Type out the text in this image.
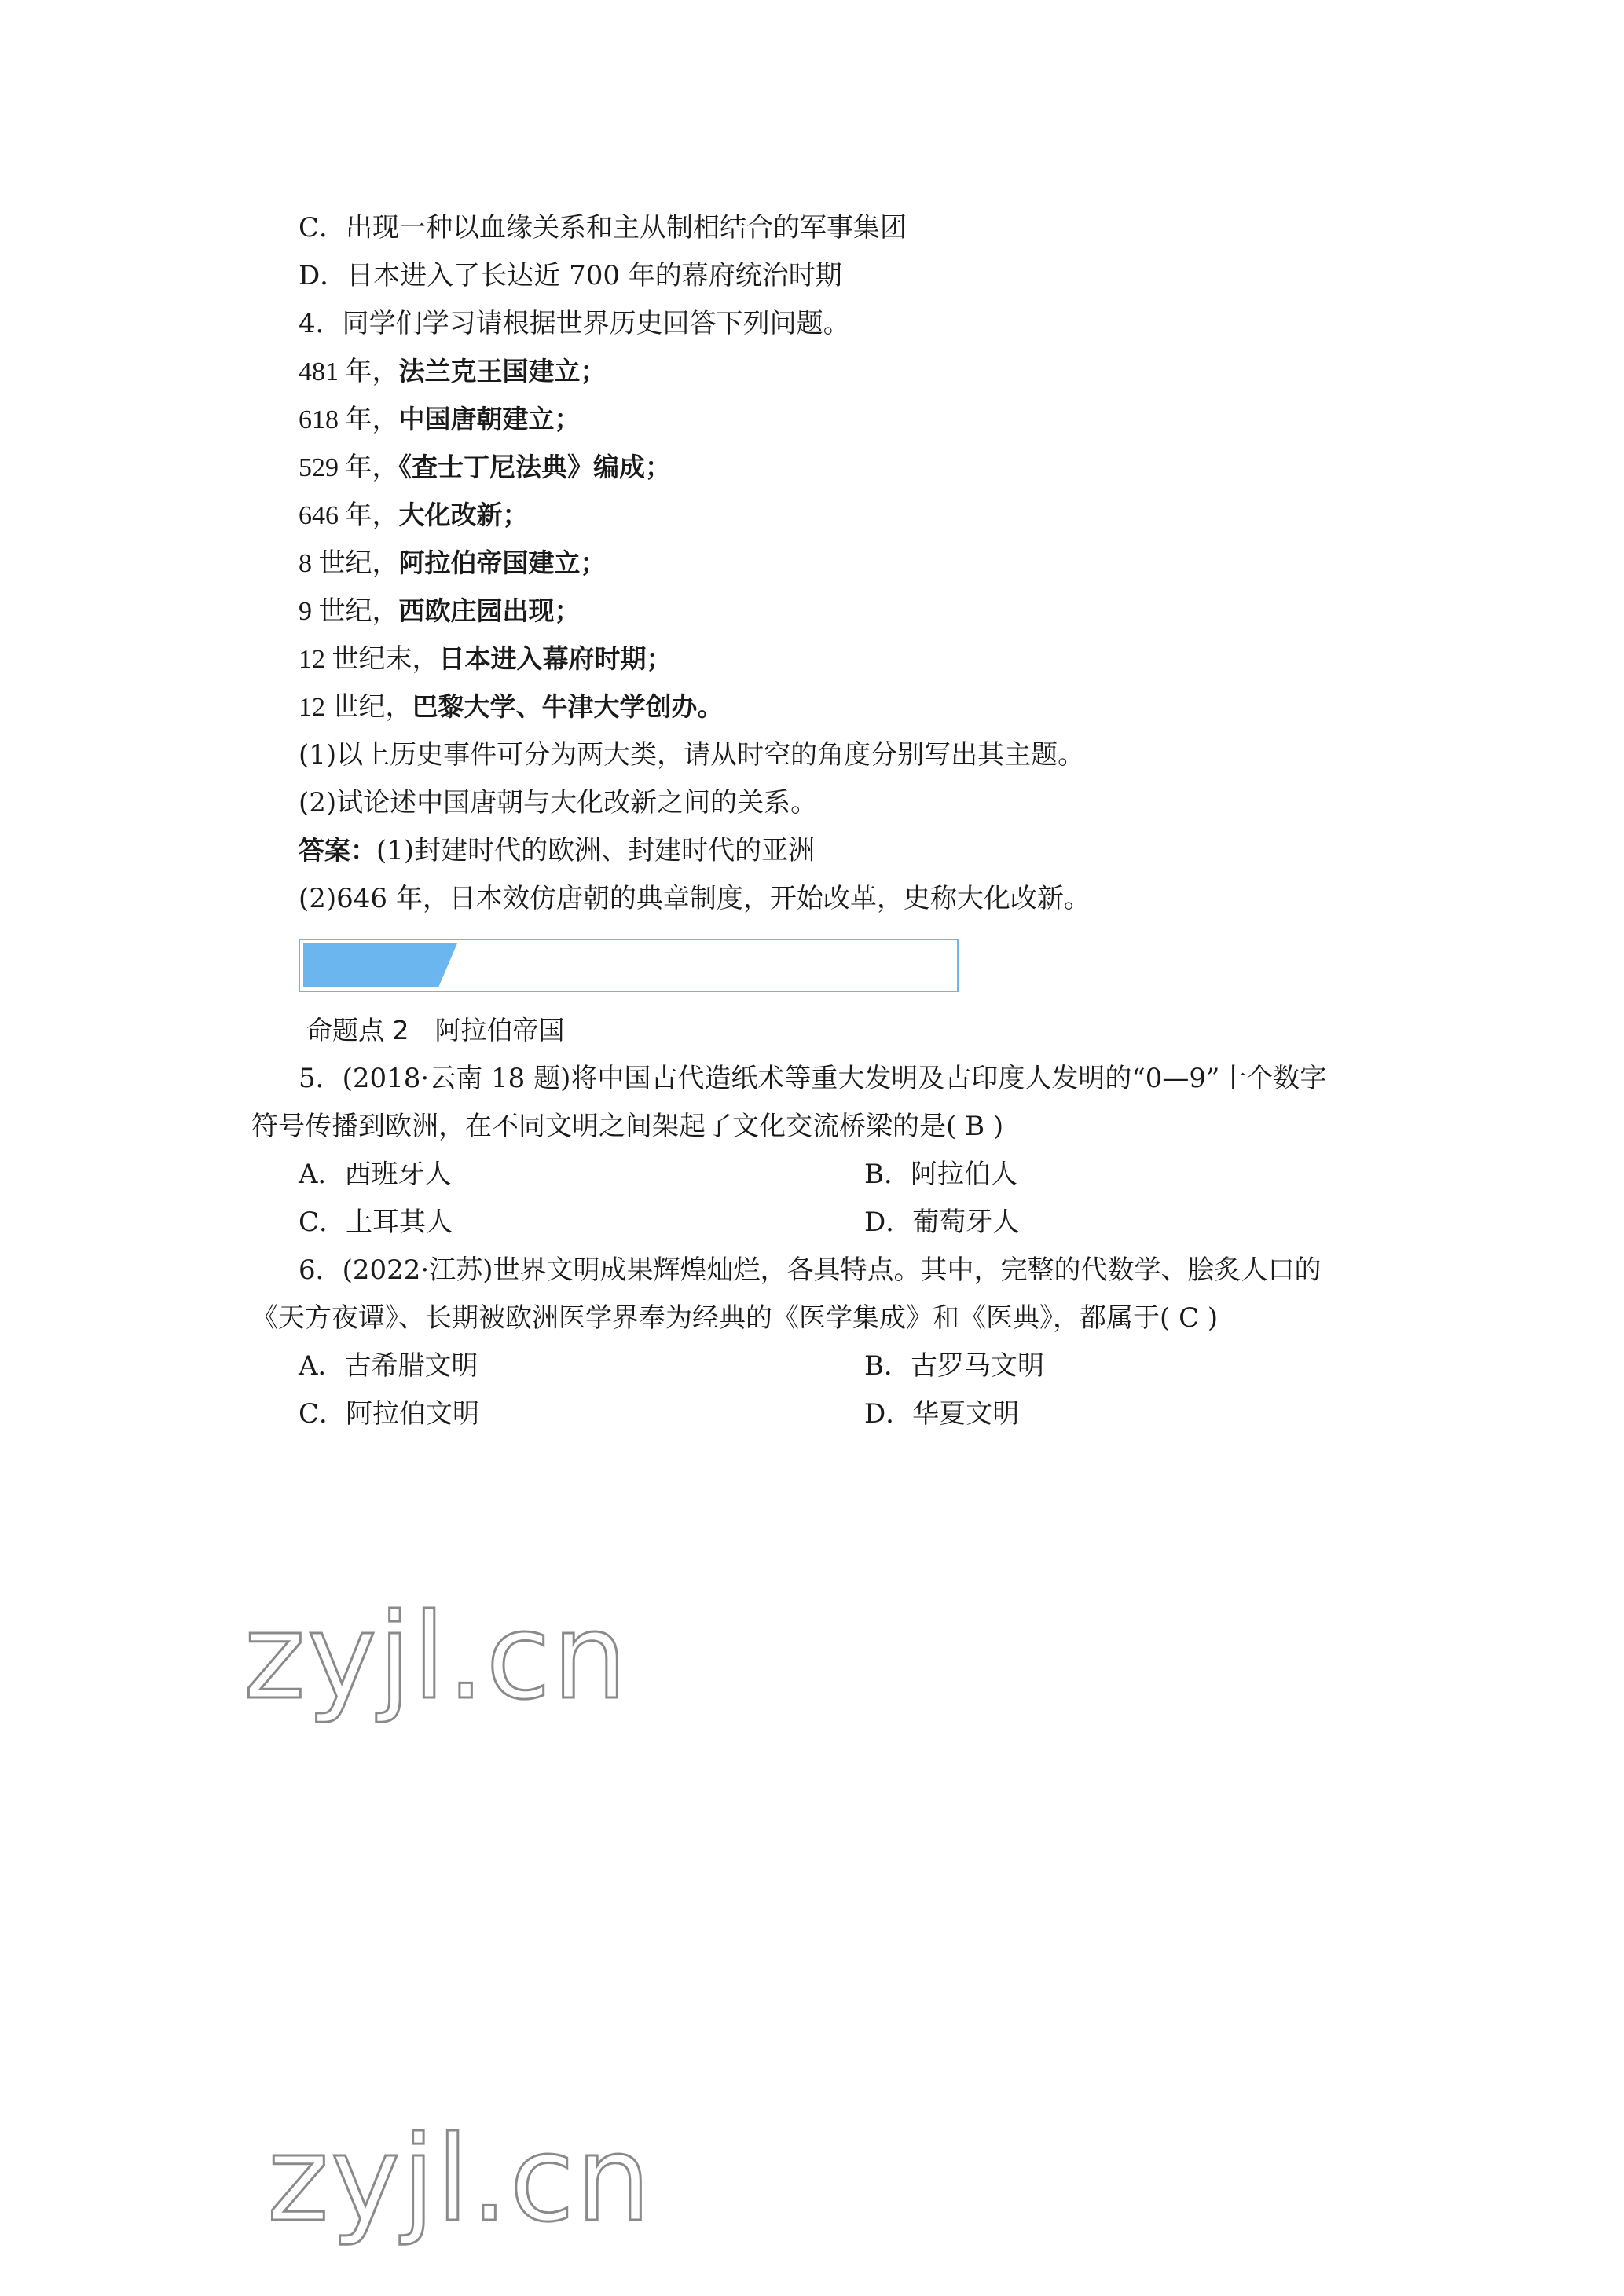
C．出现一种以血缘关系和主从制相结合的军事集团
D．日本进入了长达近 700 年的幕府统治时期
4．同学们学习请根据世界历史回答下列问题。
481 年，法兰克王国建立；
618 年，中国唐朝建立；
529 年，《查士丁尼法典》编成；
646 年，大化改新；
8 世纪，阿拉伯帝国建立；
9 世纪，西欧庄园出现；
12 世纪末，日本进入幕府时期；
12 世纪，巴黎大学、牛津大学创办。
(1)以上历史事件可分为两大类，请从时空的角度分别写出其主题。
(2)试论述中国唐朝与大化改新之间的关系。
答案：(1)封建时代的欧洲、封建时代的亚洲
(2)646 年，日本效仿唐朝的典章制度，开始改革，史称大化改新。
命题点 2　阿拉伯帝国
5．(2018·云南 18 题)将中国古代造纸术等重大发明及古印度人发明的“0—9”十个数字
符号传播到欧洲，在不同文明之间架起了文化交流桥梁的是( B )
A．西班牙人	B．阿拉伯人
C．土耳其人	D．葡萄牙人
6．(2022·江苏)世界文明成果辉煌灿烂，各具特点。其中，完整的代数学、脍炙人口的
《天方夜谭》、长期被欧洲医学界奉为经典的《医学集成》和《医典》，都属于( C )
A．古希腊文明	B．古罗马文明
C．阿拉伯文明	D．华夏文明
zyjl.cn
zyjl.cn
